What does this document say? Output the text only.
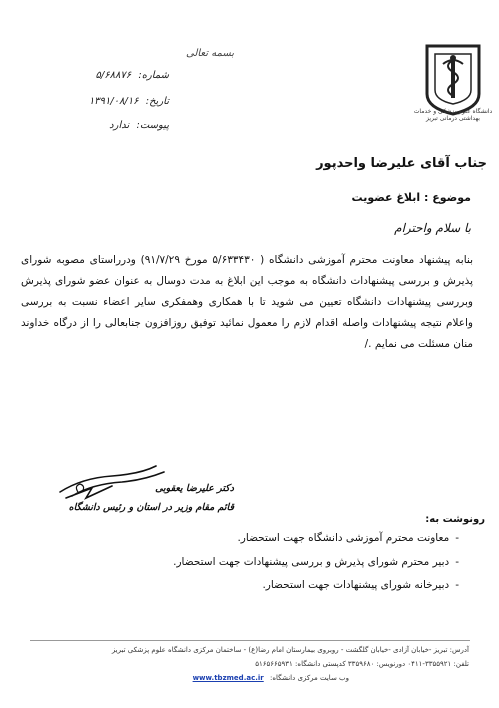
دانشگاه علوم پزشکی و خدمات بهداشتی درمانی تبریز
بسمه تعالی
شماره: ۵/۶۸۸۷۶
تاریخ: ۱۳۹۱/۰۸/۱۶
پیوست: ندارد
جناب آقای علیرضا واحدپور
موضوع : ابلاغ عضویت
با سلام واحترام
بنابه پیشنهاد معاونت محترم آموزشی دانشگاه ( ۵/۶۳۳۴۳۰ مورخ ۹۱/۷/۲۹) ودرراستای مصوبه شورای پذیرش و بررسی پیشنهادات دانشگاه به موجب این ابلاغ به مدت دوسال به عنوان عضو شورای پذیرش وبررسی پیشنهادات دانشگاه تعیین می شوید تا با همکاری وهمفکری سایر اعضاء نسبت به بررسی واعلام نتیجه پیشنهادات واصله اقدام لازم را معمول نمائید توفیق روزافزون جنابعالی را از درگاه خداوند منان مسئلت می نمایم ./
دکتر علیرضا یعقوبی
قائم مقام وزیر در استان و رئیس دانشگاه
رونوشت به:
-معاونت محترم آموزشی دانشگاه جهت استحضار.
-دبیر محترم شورای پذیرش و بررسی پیشنهادات جهت استحضار.
-دبیرخانه شورای پیشنهادات جهت استحضار.
آدرس: تبریز -خیابان آزادی -خیابان گلگشت - روبروی بیمارستان امام رضا(ع) - ساختمان مرکزی دانشگاه علوم پزشکی تبریز
تلفن: ۳۳۵۵۹۲۱-۰۴۱۱ دورنویس: ۳۳۵۹۶۸۰ کدپستی دانشگاه: ۵۱۶۵۶۶۵۹۳۱
وب سایت مرکزی دانشگاه: www.tbzmed.ac.ir
